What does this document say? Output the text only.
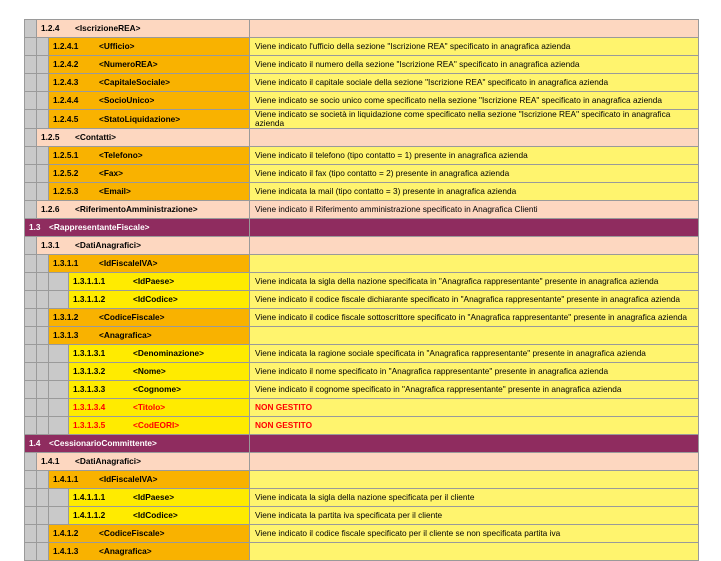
	1.2.4 <IscrizioneREA>			
		1.2.4.1 <Ufficio>		Viene indicato l'ufficio della sezione "Iscrizione REA" specificato in anagrafica azienda
		1.2.4.2 <NumeroREA>		Viene indicato il numero della sezione "Iscrizione REA" specificato in anagrafica azienda
		1.2.4.3 <CapitaleSociale>		Viene indicato il capitale sociale della sezione "Iscrizione REA" specificato in anagrafica azienda
		1.2.4.4 <SocioUnico>		Viene indicato se socio unico come specificato nella sezione "Iscrizione REA" specificato in anagrafica azienda
		1.2.4.5 <StatoLiquidazione>		Viene indicato se società in liquidazione come specificato nella sezione "Iscrizione REA" specificato in anagrafica azienda
	1.2.5 <Contatti>			
		1.2.5.1 <Telefono>		Viene indicato il telefono (tipo contatto = 1) presente in anagrafica azienda
		1.2.5.2 <Fax>		Viene indicato il fax (tipo contatto = 2) presente in anagrafica azienda
		1.2.5.3 <Email>		Viene indicata la mail (tipo contatto = 3) presente in anagrafica azienda
	1.2.6 <RiferimentoAmministrazione>			Viene indicato il Riferimento amministrazione specificato in Anagrafica Clienti
1.3 <RappresentanteFiscale>				
	1.3.1 <DatiAnagrafici>			
		1.3.1.1 <IdFiscaleIVA>		
			1.3.1.1.1 <IdPaese>	Viene indicata la sigla della nazione specificata in "Anagrafica rappresentante" presente in anagrafica azienda
			1.3.1.1.2 <IdCodice>	Viene indicato il codice fiscale dichiarante specificato in "Anagrafica rappresentante" presente in anagrafica azienda
		1.3.1.2 <CodiceFiscale>		Viene indicato il codice fiscale sottoscrittore specificato in "Anagrafica rappresentante" presente in anagrafica azienda
		1.3.1.3 <Anagrafica>		
			1.3.1.3.1 <Denominazione>	Viene indicata la ragione sociale specificata in "Anagrafica rappresentante" presente in anagrafica azienda
			1.3.1.3.2 <Nome>	Viene indicato il nome specificato in "Anagrafica rappresentante" presente in anagrafica azienda
			1.3.1.3.3 <Cognome>	Viene indicato il cognome specificato in "Anagrafica rappresentante" presente in anagrafica azienda
			1.3.1.3.4 <Titolo>	NON GESTITO
			1.3.1.3.5 <CodEORI>	NON GESTITO
1.4 <CessionarioCommittente>				
	1.4.1 <DatiAnagrafici>			
		1.4.1.1 <IdFiscaleIVA>		
			1.4.1.1.1 <IdPaese>	Viene indicata la sigla della nazione specificata per il cliente
			1.4.1.1.2 <IdCodice>	Viene indicata la partita iva specificata per il cliente
		1.4.1.2 <CodiceFiscale>		Viene indicato il codice fiscale specificato per il cliente se non specificata partita iva
		1.4.1.3 <Anagrafica>		
